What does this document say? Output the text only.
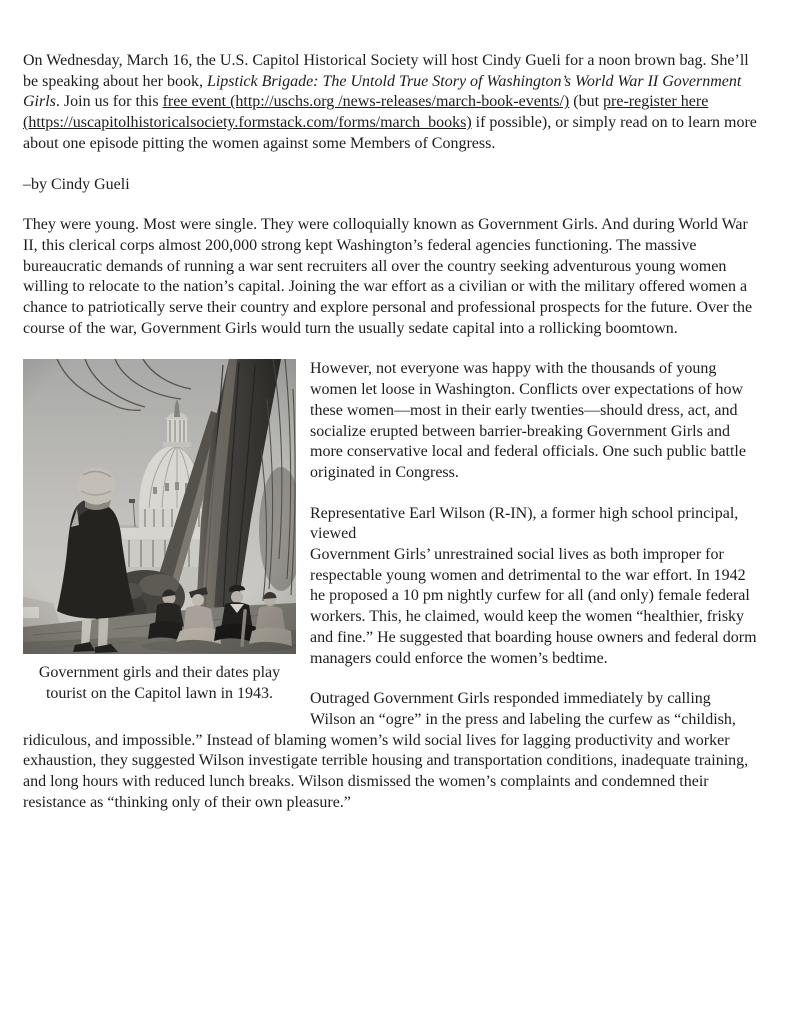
On Wednesday, March 16, the U.S. Capitol Historical Society will host Cindy Gueli for a noon brown bag. She’ll be speaking about her book, Lipstick Brigade: The Untold True Story of Washington’s World War II Government Girls. Join us for this free event (http://uschs.org /news-releases/march-book-events/) (but pre-register here (https://uscapitolhistoricalsociety.formstack.com/forms/march_books) if possible), or simply read on to learn more about one episode pitting the women against some Members of Congress.

–by Cindy Gueli

They were young. Most were single. They were colloquially known as Government Girls. And during World War II, this clerical corps almost 200,000 strong kept Washington’s federal agencies functioning. The massive bureaucratic demands of running a war sent recruiters all over the country seeking adventurous young women willing to relocate to the nation’s capital. Joining the war effort as a civilian or with the military offered women a chance to patriotically serve their country and explore personal and professional prospects for the future. Over the course of the war, Government Girls would turn the usually sedate capital into a rollicking boomtown.

Government girls and their dates play tourist on the Capitol lawn in 1943.

However, not everyone was happy with the thousands of young women let loose in Washington. Conflicts over expectations of how these women—most in their early twenties—should dress, act, and socialize erupted between barrier-breaking Government Girls and more conservative local and federal officials. One such public battle originated in Congress.

Representative Earl Wilson (R-IN), a former high school principal, viewed
Government Girls’ unrestrained social lives as both improper for respectable young women and detrimental to the war effort. In 1942 he proposed a 10 pm nightly curfew for all (and only) female federal workers. This, he claimed, would keep the women “healthier, frisky and fine.” He suggested that boarding house owners and federal dorm managers could enforce the women’s bedtime.

Outraged Government Girls responded immediately by calling Wilson an “ogre” in the press and labeling the curfew as “childish, ridiculous, and impossible.” Instead of blaming women’s wild social lives for lagging productivity and worker exhaustion, they suggested Wilson investigate terrible housing and transportation conditions, inadequate training, and long hours with reduced lunch breaks. Wilson dismissed the women’s complaints and condemned their resistance as “thinking only of their own pleasure.”
